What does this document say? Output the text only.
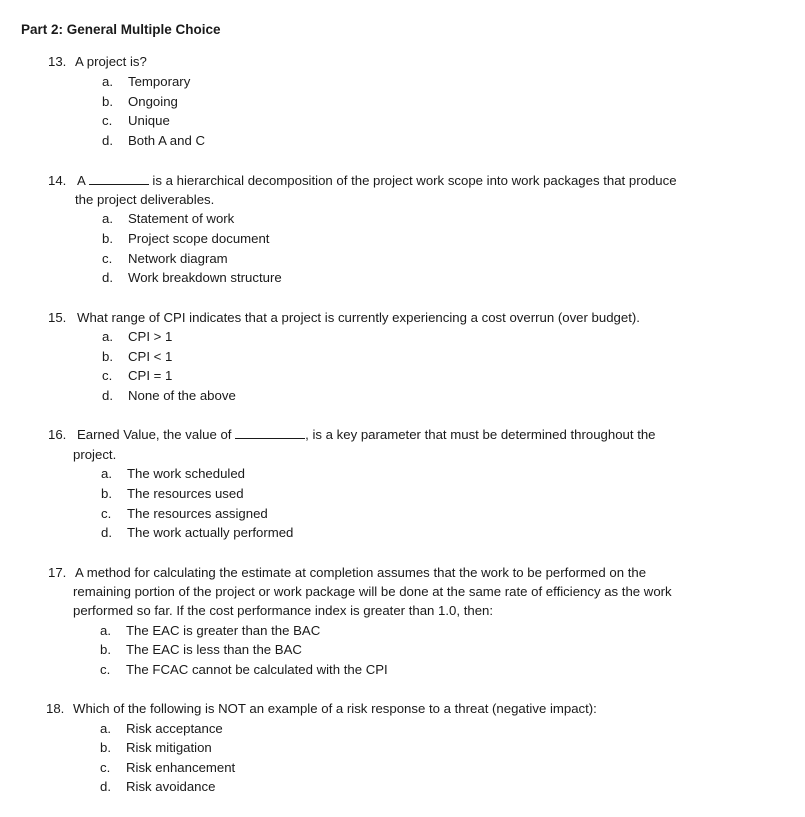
Part 2: General Multiple Choice
13. A project is?
a. Temporary
b. Ongoing
c. Unique
d. Both A and C
14. A	is a hierarchical decomposition of the project work scope into work packages that produce
the project deliverables.
a. Statement of work
b. Project scope document
c. Network diagram
d. Work breakdown structure
15. What range of CPI indicates that a project is currently experiencing a cost overrun (over budget).
a. CPI > 1
b. CPI < 1
c. CPI = 1
d. None of the above
16. Earned Value, the value of	, is a key parameter that must be determined throughout the
project.
a. The work scheduled
b. The resources used
c. The resources assigned
d. The work actually performed
17. A method for calculating the estimate at completion assumes that the work to be performed on the
remaining portion of the project or work package will be done at the same rate of efficiency as the work
performed so far. If the cost performance index is greater than 1.0, then:
a. The EAC is greater than the BAC
b. The EAC is less than the BAC
c. The FCAC cannot be calculated with the CPI
18. Which of the following is NOT an example of a risk response to a threat (negative impact):
a. Risk acceptance
b. Risk mitigation
c. Risk enhancement
d. Risk avoidance
